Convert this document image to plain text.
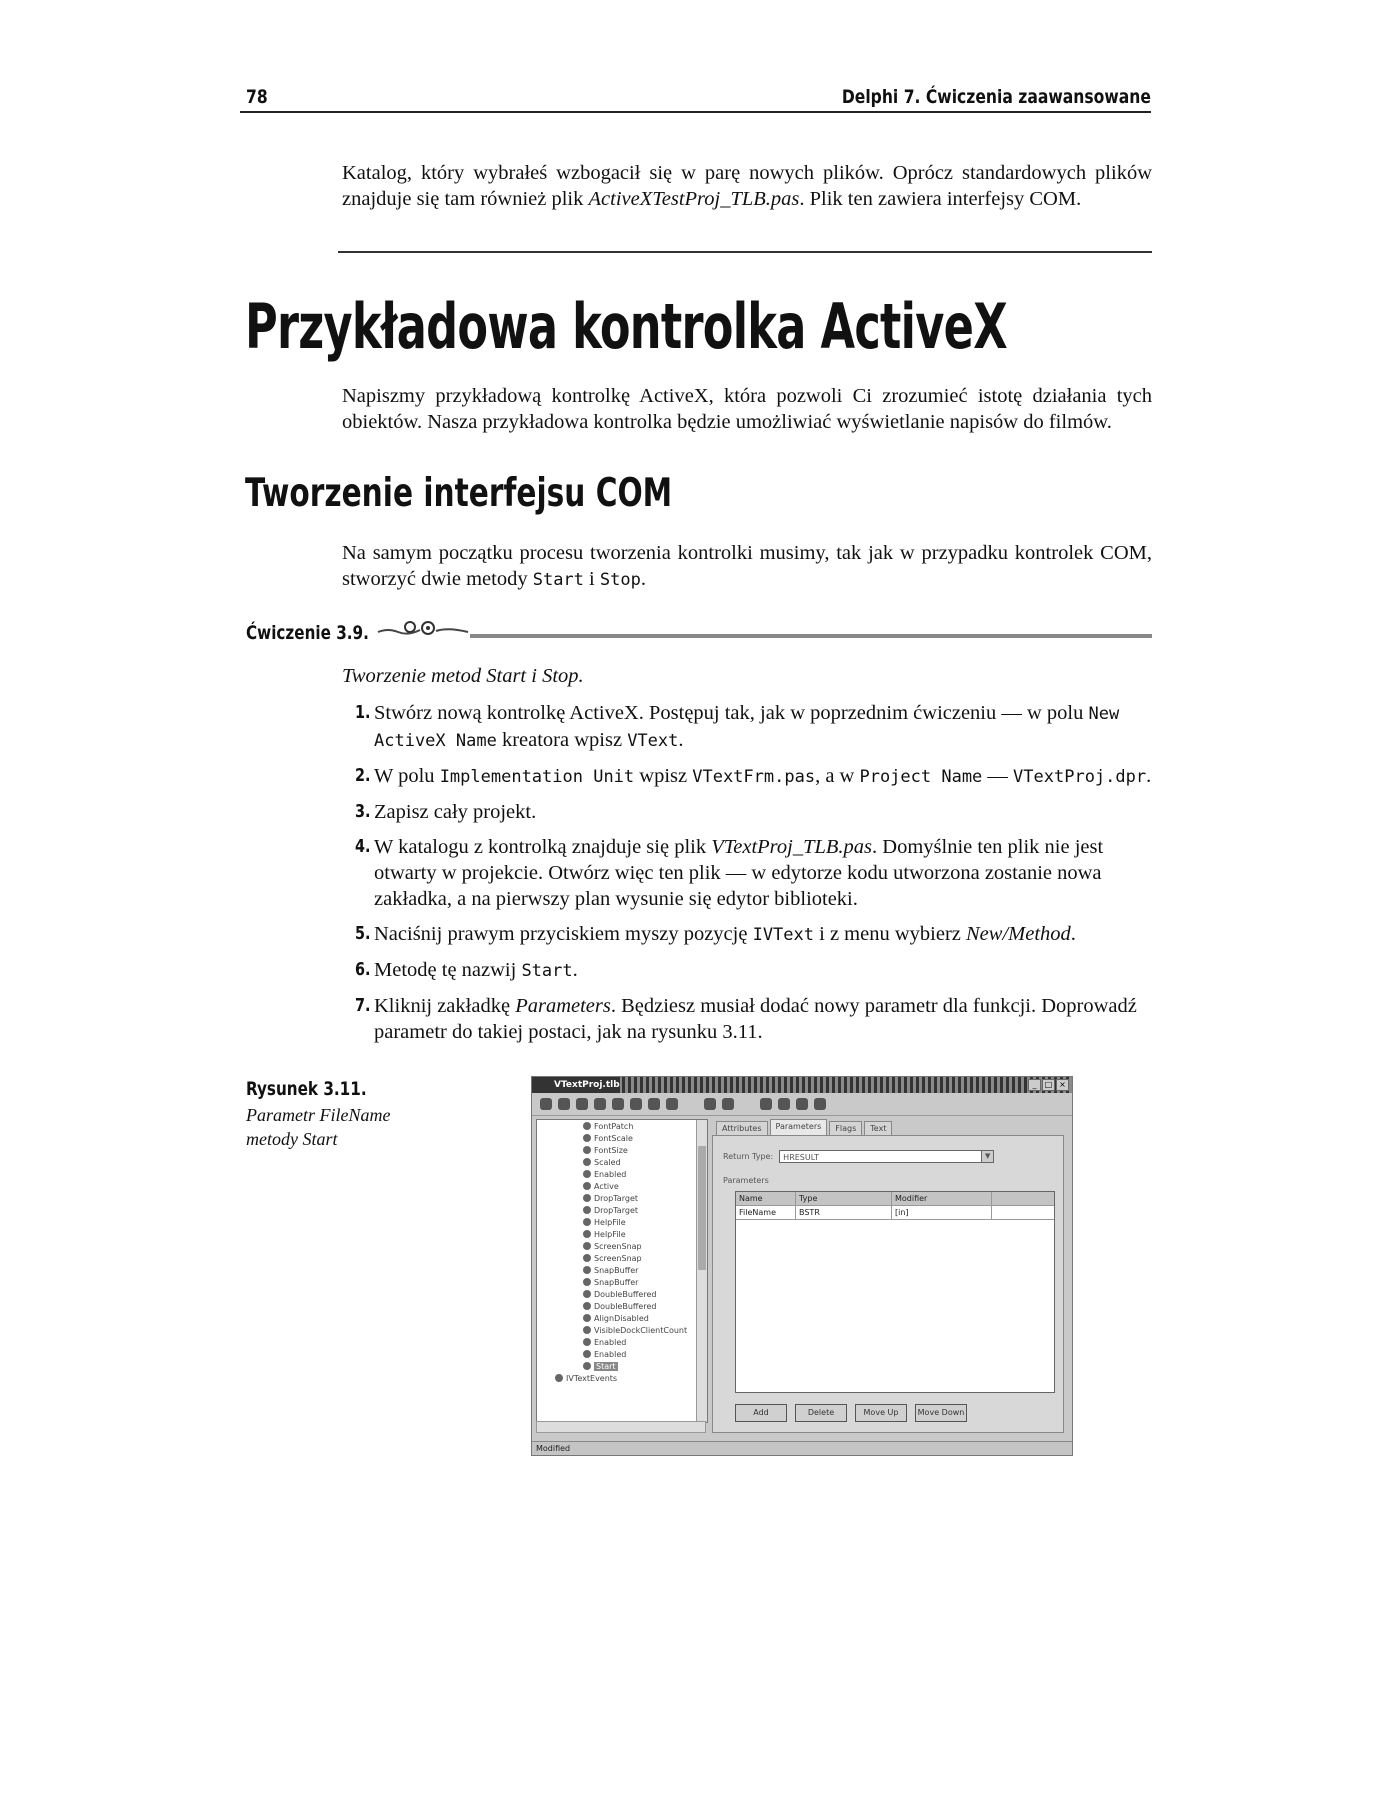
78	Delphi 7. Ćwiczenia zaawansowane

Katalog, który wybrałeś wzbogacił się w parę nowych plików. Oprócz standardowych plików znajduje się tam również plik ActiveXTestProj_TLB.pas. Plik ten zawiera interfejsy COM.

Przykładowa kontrolka ActiveX

Napiszmy przykładową kontrolkę ActiveX, która pozwoli Ci zrozumieć istotę działania tych obiektów. Nasza przykładowa kontrolka będzie umożliwiać wyświetlanie napisów do filmów.

Tworzenie interfejsu COM

Na samym początku procesu tworzenia kontrolki musimy, tak jak w przypadku kontrolek COM, stworzyć dwie metody Start i Stop.

Ćwiczenie 3.9.

Tworzenie metod Start i Stop.

1. Stwórz nową kontrolkę ActiveX. Postępuj tak, jak w poprzednim ćwiczeniu — w polu New ActiveX Name kreatora wpisz VText.
2. W polu Implementation Unit wpisz VTextFrm.pas, a w Project Name — VTextProj.dpr.
3. Zapisz cały projekt.
4. W katalogu z kontrolką znajduje się plik VTextProj_TLB.pas. Domyślnie ten plik nie jest otwarty w projekcie. Otwórz więc ten plik — w edytorze kodu utworzona zostanie nowa zakładka, a na pierwszy plan wysunie się edytor biblioteki.
5. Naciśnij prawym przyciskiem myszy pozycję IVText i z menu wybierz New/Method.
6. Metodę tę nazwij Start.
7. Kliknij zakładkę Parameters. Będziesz musiał dodać nowy parametr dla funkcji. Doprowadź parametr do takiej postaci, jak na rysunku 3.11.
Rysunek 3.11.

Parametr FileName metody Start

VTextProj.tlb	_	□ ×
FontPatch
FontScale
FontSize
Scaled
Enabled
Active
DropTarget
DropTarget
HelpFile
HelpFile
ScreenSnap
ScreenSnap
SnapBuffer
SnapBuffer
DoubleBuffered
DoubleBuffered
AlignDisabled
VisibleDockClientCount
Enabled
Enabled
Start
IVTextEvents
Attributes	Parameters	Flags	Text
Return Type:	HRESULT	▼
Parameters
Name	Type	Modifier
FileName	BSTR	[in]
Add	Delete	Move Up	Move Down
Modified
